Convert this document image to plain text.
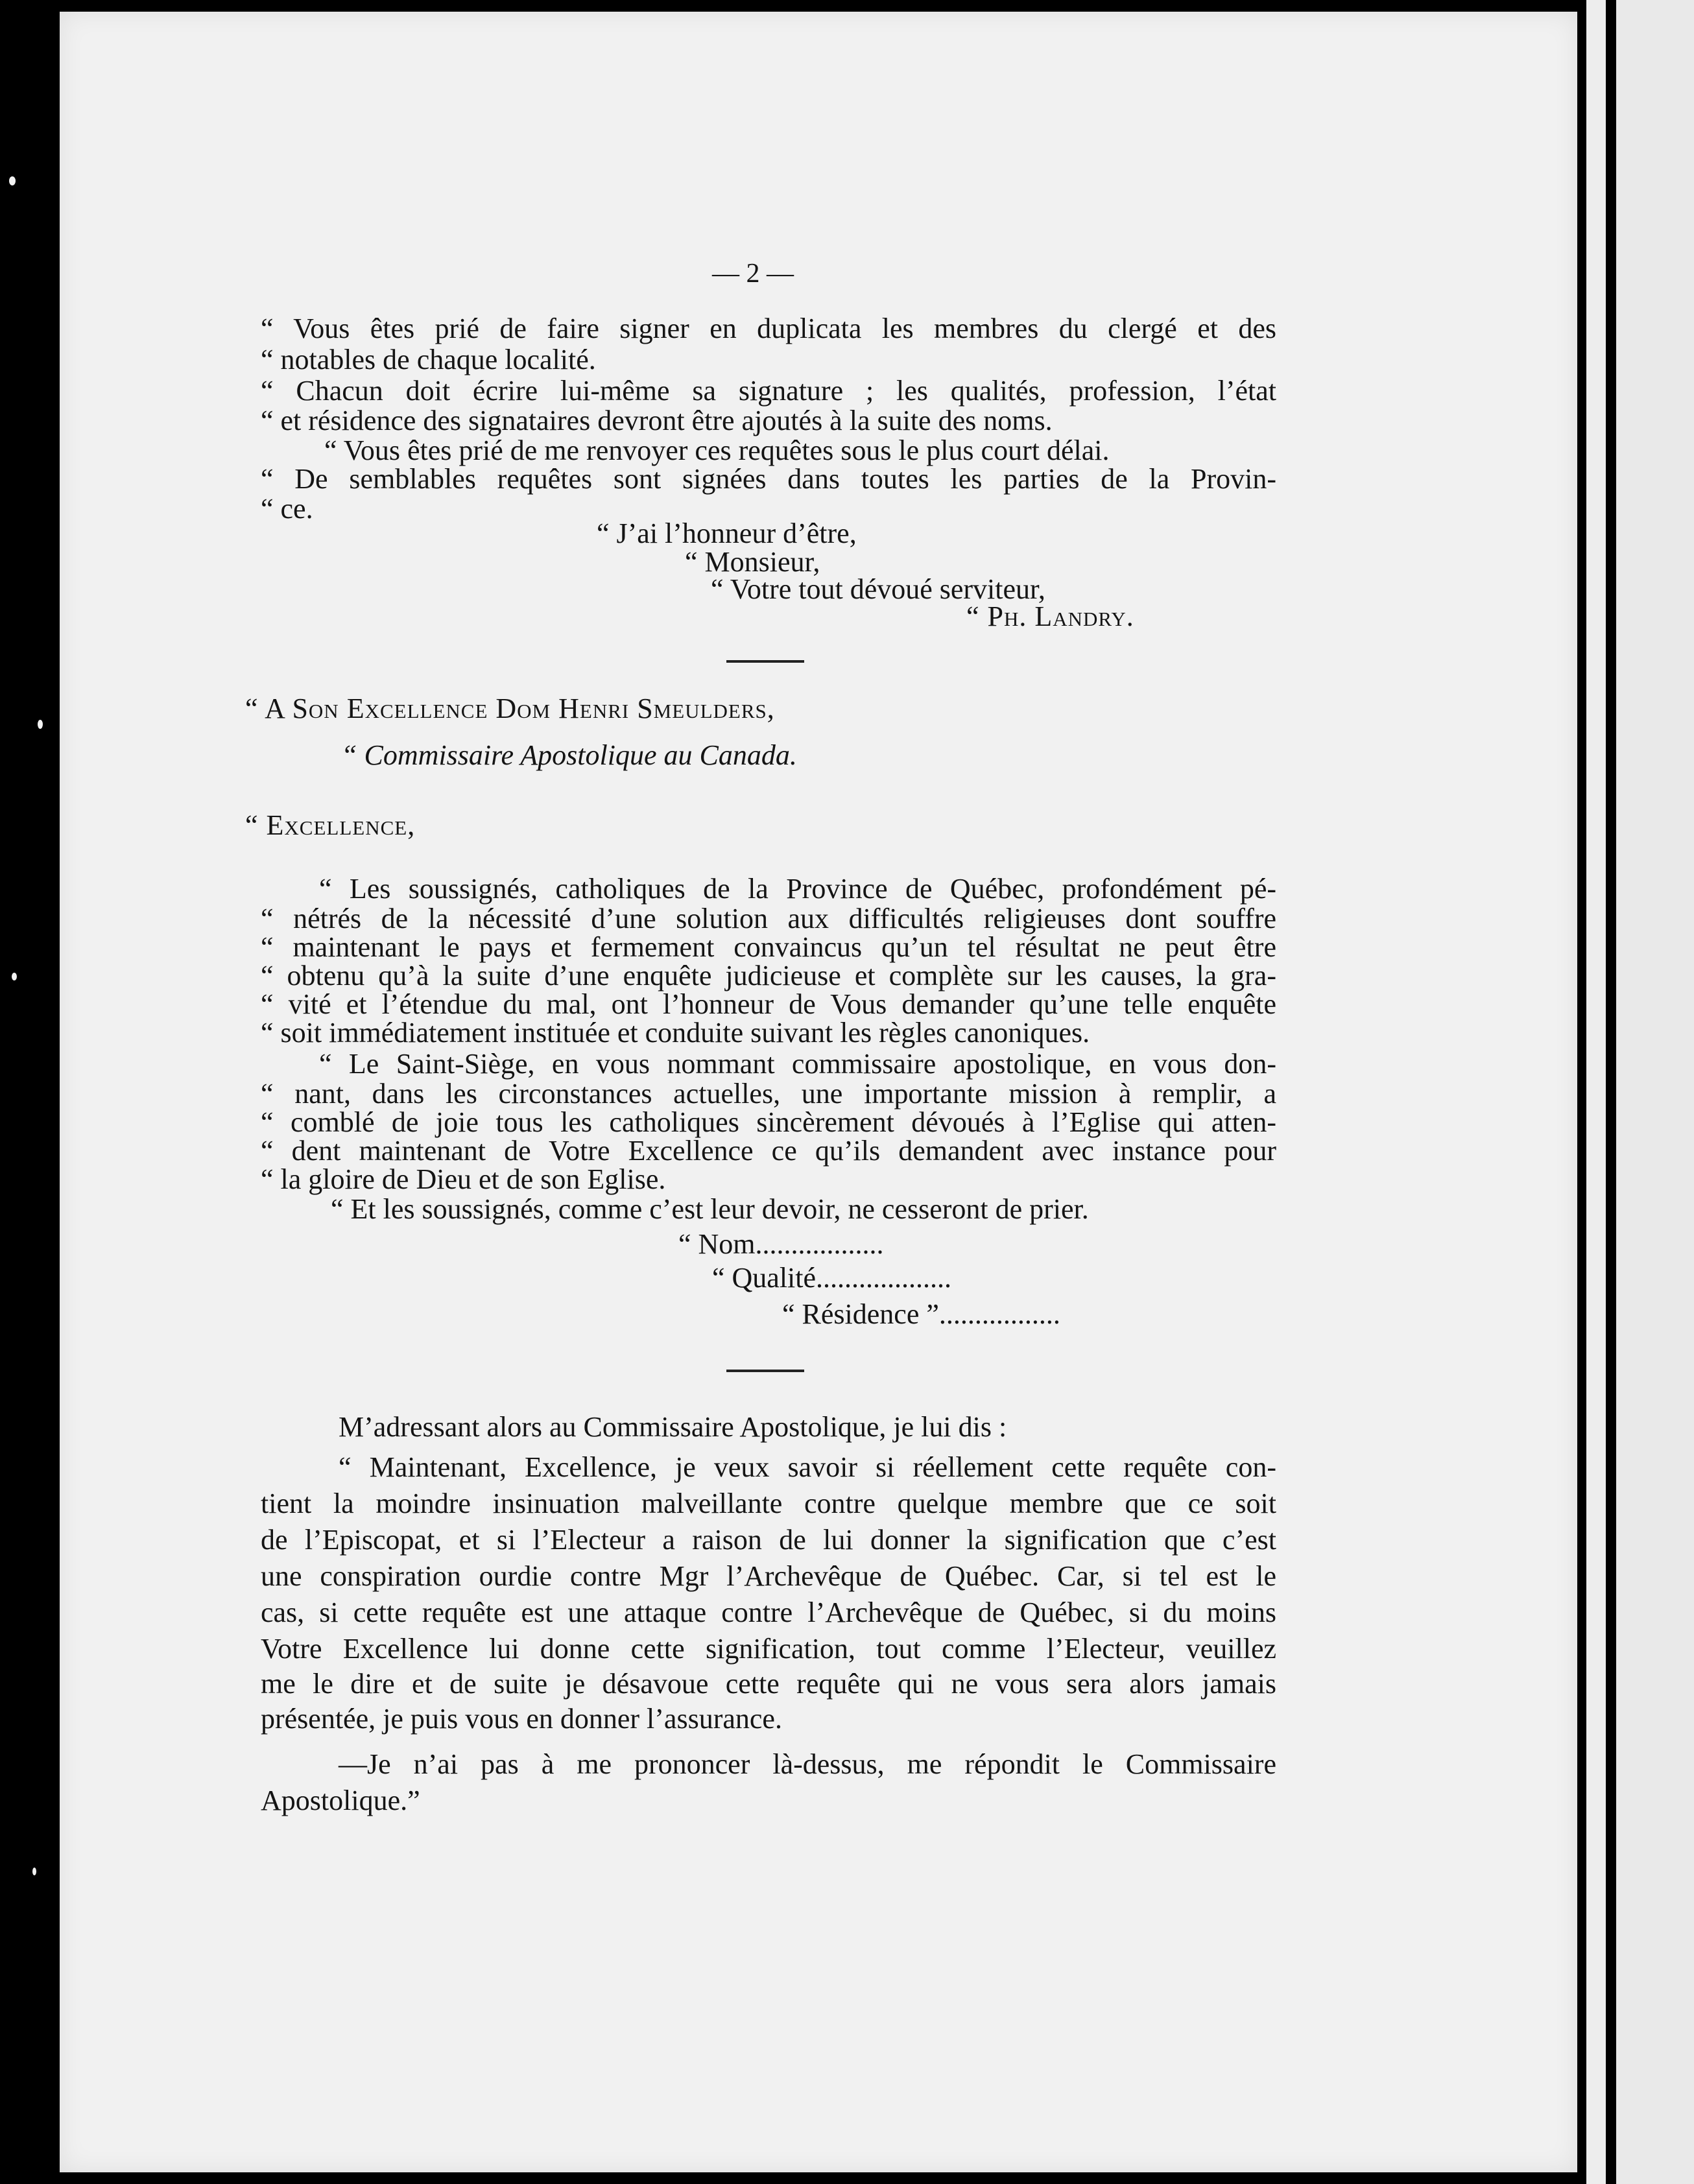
— 2 —
“ Vous êtes prié de faire signer en duplicata les membres du clergé et des
“ notables de chaque localité.
“ Chacun doit écrire lui-même sa signature ; les qualités, profession, l’état
“ et résidence des signataires devront être ajoutés à la suite des noms.
“ Vous êtes prié de me renvoyer ces requêtes sous le plus court délai.
“ De semblables requêtes sont signées dans toutes les parties de la Provin-
“ ce.
“ J’ai l’honneur d’être,
“ Monsieur,
“ Votre tout dévoué serviteur,
“ Ph. Landry.
“ A Son Excellence Dom Henri Smeulders,
“ Commissaire Apostolique au Canada.
“ Excellence,
“ Les soussignés, catholiques de la Province de Québec, profondément pé-
“ nétrés de la nécessité d’une solution aux difficultés religieuses dont souffre
“ maintenant le pays et fermement convaincus qu’un tel résultat ne peut être
“ obtenu qu’à la suite d’une enquête judicieuse et complète sur les causes, la gra-
“ vité et l’étendue du mal, ont l’honneur de Vous demander qu’une telle enquête
“ soit immédiatement instituée et conduite suivant les règles canoniques.
“ Le Saint-Siège, en vous nommant commissaire apostolique, en vous don-
“ nant, dans les circonstances actuelles, une importante mission à remplir, a
“ comblé de joie tous les catholiques sincèrement dévoués à l’Eglise qui atten-
“ dent maintenant de Votre Excellence ce qu’ils demandent avec instance pour
“ la gloire de Dieu et de son Eglise.
“ Et les soussignés, comme c’est leur devoir, ne cesseront de prier.
“ Nom..................
“ Qualité...................
“ Résidence ”.................
M’adressant alors au Commissaire Apostolique, je lui dis :
“ Maintenant, Excellence, je veux savoir si réellement cette requête con-
tient la moindre insinuation malveillante contre quelque membre que ce soit
de l’Episcopat, et si l’Electeur a raison de lui donner la signification que c’est
une conspiration ourdie contre Mgr l’Archevêque de Québec. Car, si tel est le
cas, si cette requête est une attaque contre l’Archevêque de Québec, si du moins
Votre Excellence lui donne cette signification, tout comme l’Electeur, veuillez
me le dire et de suite je désavoue cette requête qui ne vous sera alors jamais
présentée, je puis vous en donner l’assurance.
—Je n’ai pas à me prononcer là-dessus, me répondit le Commissaire
Apostolique.”
